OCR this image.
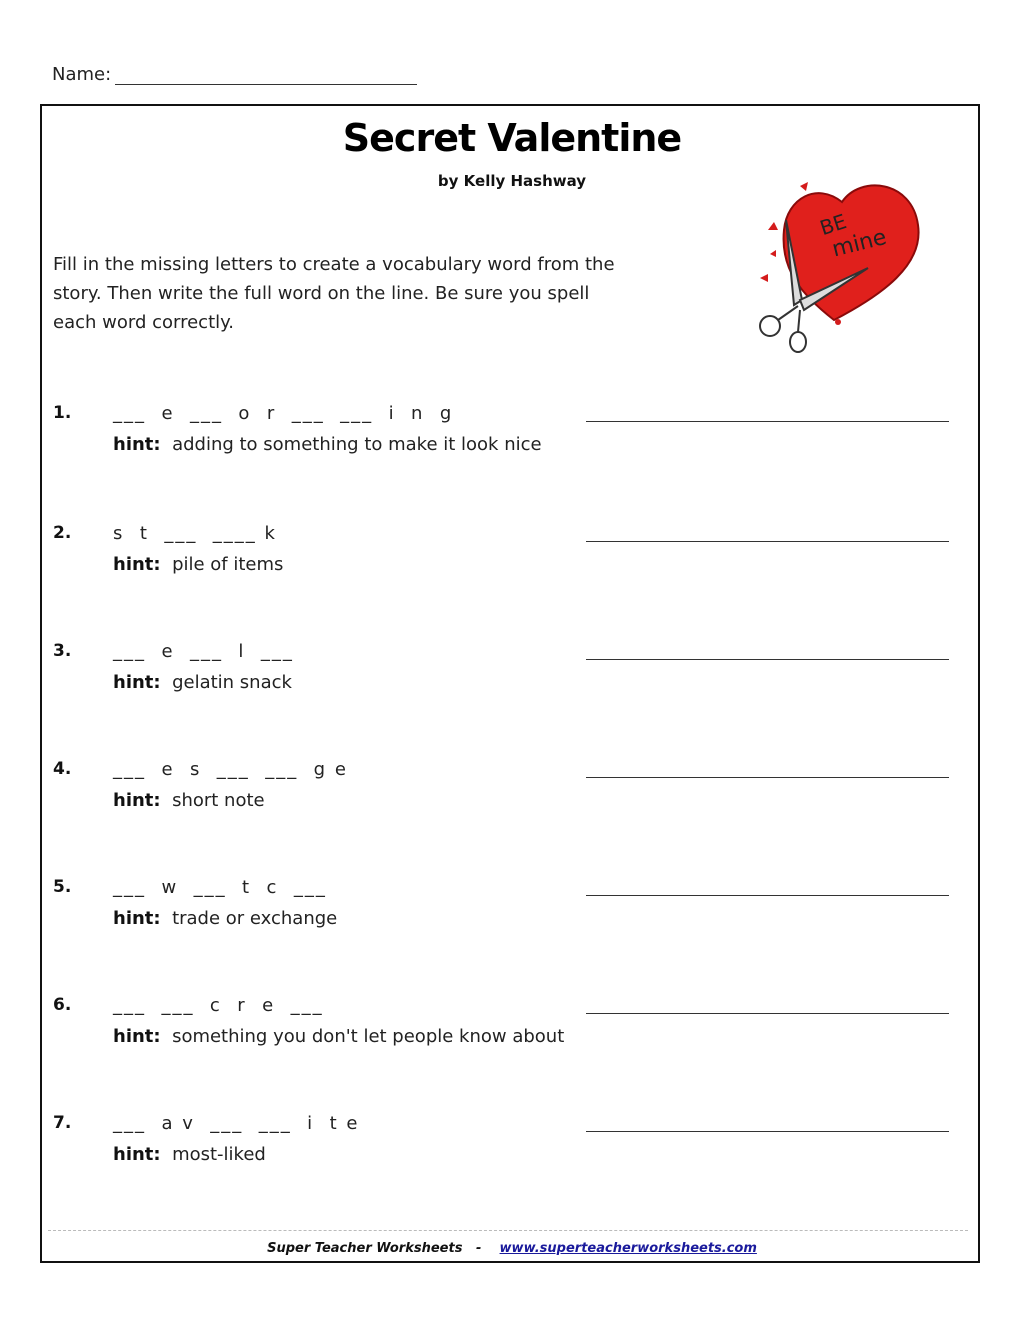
Name:
Secret Valentine
by Kelly Hashway
Fill in the missing letters to create a vocabulary word from the story. Then write the full word on the line. Be sure you spell each word correctly.
BE
mine
1. ___  e  ___  o  r  ___  ___  i  n  g
hint: adding to something to make it look nice
2. s  t  ___  ____ k
hint: pile of items
3. ___  e  ___  l  ___
hint: gelatin snack
4. ___  e  s  ___  ___  g e
hint: short note
5. ___  w  ___  t  c  ___
hint: trade or exchange
6. ___  ___  c  r  e  ___
hint: something you don't let people know about
7. ___  a v  ___  ___  i  t e
hint: most-liked
Super Teacher Worksheets - www.superteacherworksheets.com
